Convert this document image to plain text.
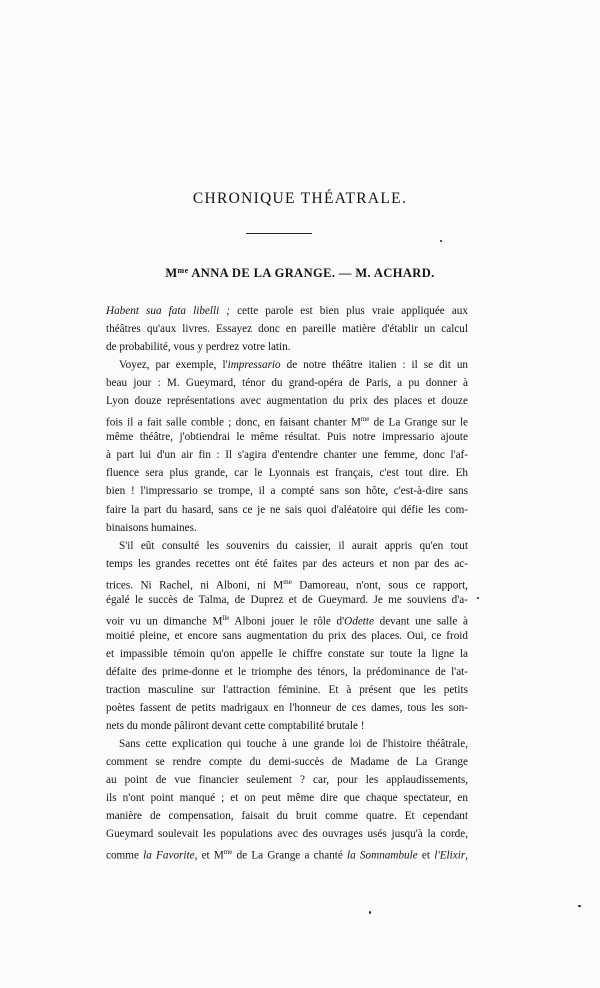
CHRONIQUE THÉATRALE.
$M^{me}$ ANNA DE LA GRANGE. — M. ACHARD.
Habent sua fata libelli ; cette parole est bien plus vraie appliquée aux
théâtres qu'aux livres. Essayez donc en pareille matière d'établir un calcul
de probabilité, vous y perdrez votre latin.
Voyez, par exemple, l'impressario de notre théâtre italien : il se dit un
beau jour : M. Gueymard, ténor du grand-opéra de Paris, a pu donner à
Lyon douze représentations avec augmentation du prix des places et douze
fois il a fait salle comble ; donc, en faisant chanter $M^{me}$ de La Grange sur le
même théâtre, j'obtiendrai le même résultat. Puis notre impressario ajoute
à part lui d'un air fin : Il s'agira d'entendre chanter une femme, donc l'af-
fluence sera plus grande, car le Lyonnais est français, c'est tout dire. Eh
bien ! l'impressario se trompe, il a compté sans son hôte, c'est-à-dire sans
faire la part du hasard, sans ce je ne sais quoi d'aléatoire qui défie les com-
binaisons humaines.
S'il eût consulté les souvenirs du caissier, il aurait appris qu'en tout
temps les grandes recettes ont été faites par des acteurs et non par des ac-
trices. Ni Rachel, ni Alboni, ni $M^{me}$ Damoreau, n'ont, sous ce rapport,
égalé le succès de Talma, de Duprez et de Gueymard. Je me souviens d'a-
voir vu un dimanche $M^{lle}$ Alboni jouer le rôle d'Odette devant une salle à
moitié pleine, et encore sans augmentation du prix des places. Oui, ce froid
et impassible témoin qu'on appelle le chiffre constate sur toute la ligne la
défaite des prime-donne et le triomphe des ténors, la prédominance de l'at-
traction masculine sur l'attraction féminine. Et à présent que les petits
poètes fassent de petits madrigaux en l'honneur de ces dames, tous les son-
nets du monde pâliront devant cette comptabilité brutale !
Sans cette explication qui touche à une grande loi de l'histoire théâtrale,
comment se rendre compte du demi-succès de Madame de La Grange
au point de vue financier seulement ? car, pour les applaudissements,
ils n'ont point manqué ; et on peut même dire que chaque spectateur, en
manière de compensation, faisait du bruit comme quatre. Et cependant
Gueymard soulevait les populations avec des ouvrages usés jusqu'à la corde,
comme la Favorite, et $M^{me}$ de La Grange a chanté la Somnambule et l'Elixir,
